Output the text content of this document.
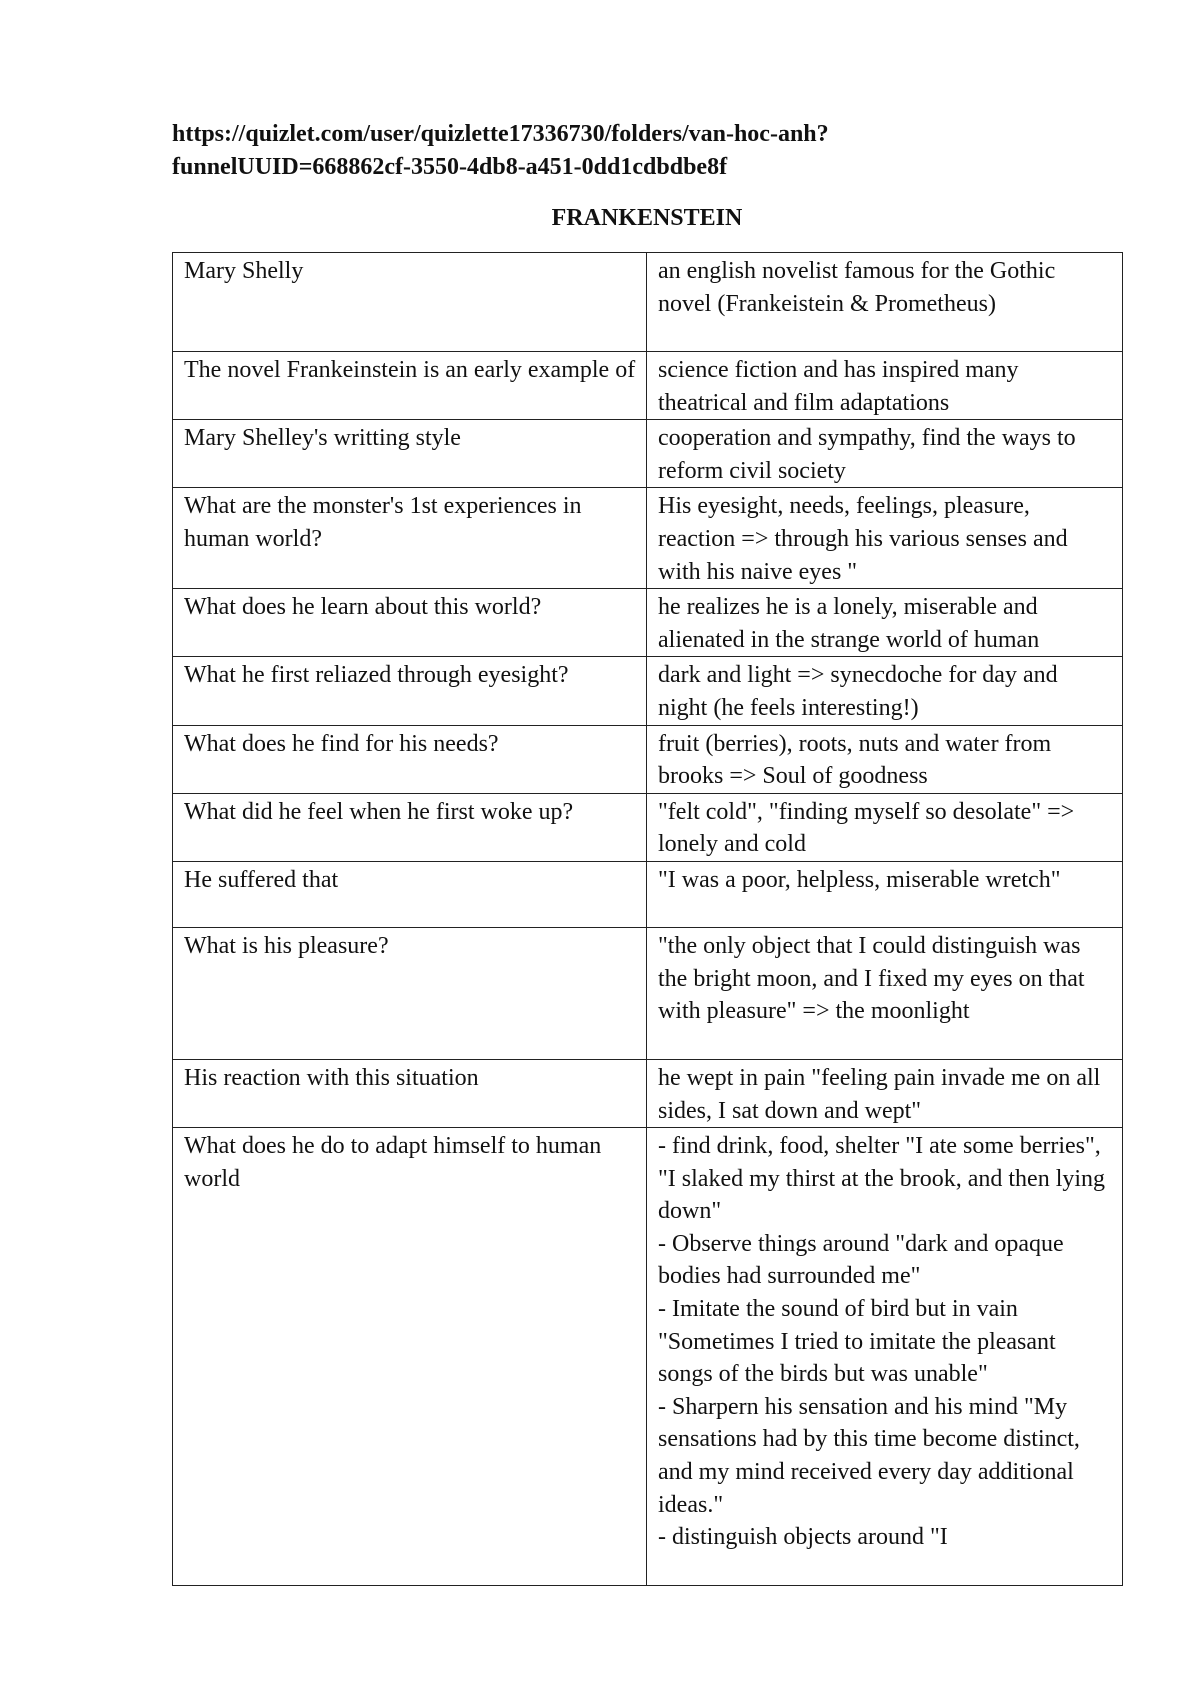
https://quizlet.com/user/quizlette17336730/folders/van-hoc-anh?
funnelUUID=668862cf-3550-4db8-a451-0dd1cdbdbe8f
FRANKENSTEIN
Mary Shelly	an english novelist famous for the Gothic novel (Frankeistein & Prometheus)

The novel Frankeinstein is an early example of	science fiction and has inspired many theatrical and film adaptations

Mary Shelley's writting style	cooperation and sympathy, find the ways to reform civil society

What are the monster's 1st experiences in human world?	His eyesight, needs, feelings, pleasure, reaction => through his various senses and with his naive eyes "

What does he learn about this world?	he realizes he is a lonely, miserable and alienated in the strange world of human

What he first reliazed through eyesight?	dark and light => synecdoche for day and night (he feels interesting!)

What does he find for his needs?	fruit (berries), roots, nuts and water from brooks => Soul of goodness

What did he feel when he first woke up?	"felt cold", "finding myself so desolate" => lonely and cold

He suffered that	"I was a poor, helpless, miserable wretch"

What is his pleasure?	"the only object that I could distinguish was the bright moon, and I fixed my eyes on that with pleasure" => the moonlight

His reaction with this situation	he wept in pain "feeling pain invade me on all sides, I sat down and wept"

What does he do to adapt himself to human world	- find drink, food, shelter "I ate some berries", "I slaked my thirst at the brook, and then lying down"
- Observe things around "dark and opaque bodies had surrounded me"
- Imitate the sound of bird but in vain "Sometimes I tried to imitate the pleasant songs of the birds but was unable"
- Sharpern his sensation and his mind "My sensations had by this time become distinct, and my mind received every day additional ideas."
- distinguish objects around "I
